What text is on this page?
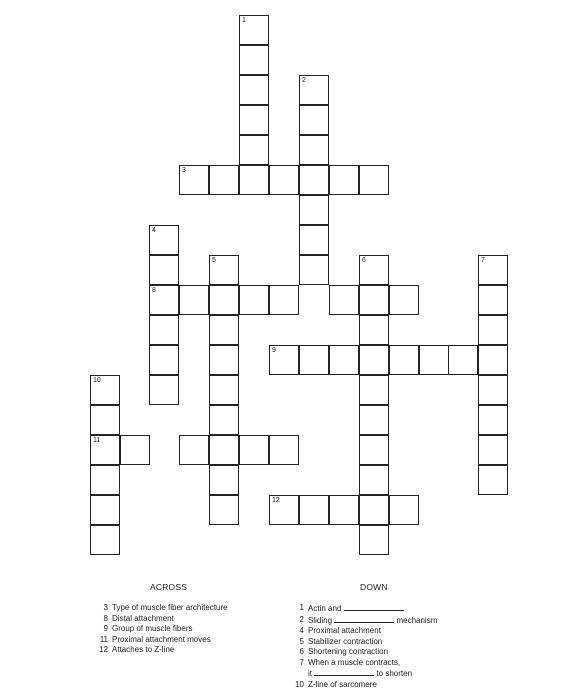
1
2
3
4
8
5	6	7
9
10
11
12
ACROSS	DOWN
3 Type of muscle fiber architecture
8 Distal attachment
9 Group of muscle fibers
11 Proximal attachment moves
12 Attaches to Z-line
1 Actin and
2 Sliding	mechanism
4 Proximal attachment
5 Stabilizer contraction
6 Shortening contraction
7 When a muscle contracts,
it	to shorten
10 Z-line of sarcomere
